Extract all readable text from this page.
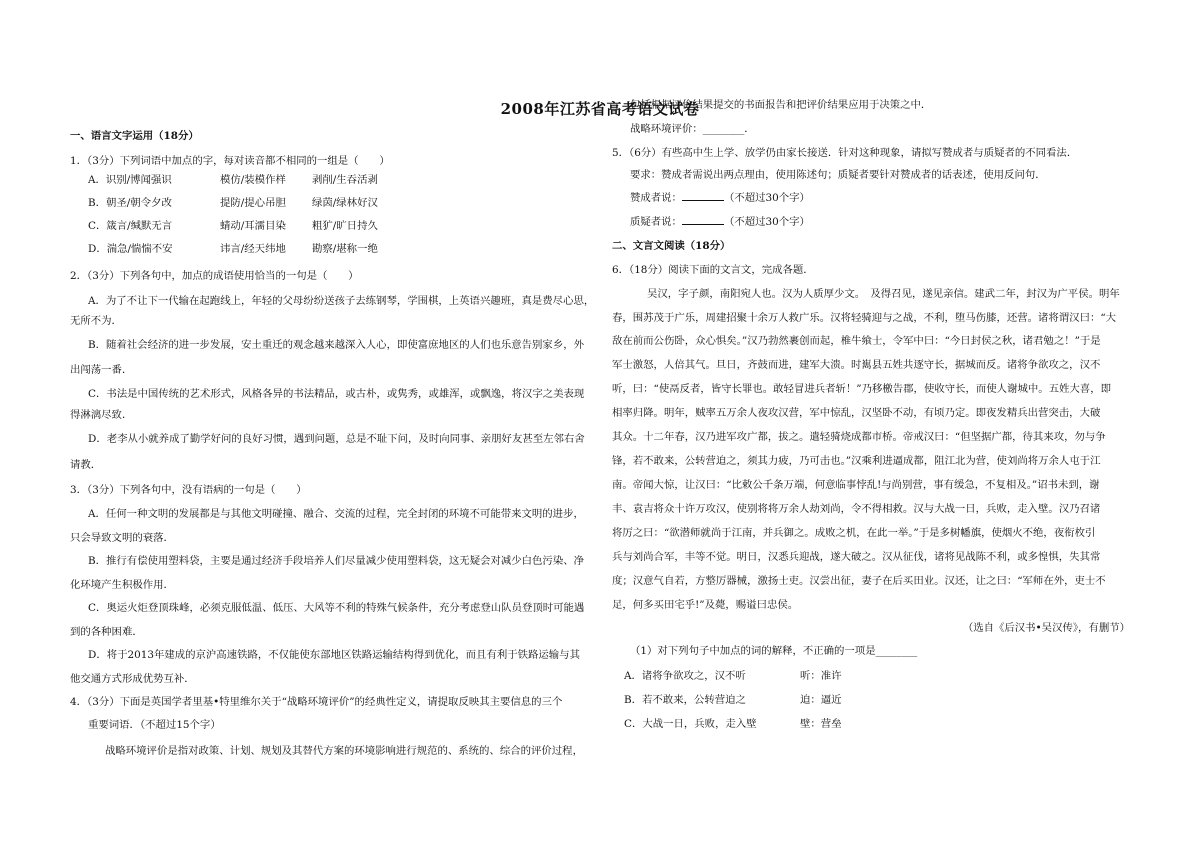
2008年江苏省高考语文试卷
一、语言文字运用（18分）
1．（3分）下列词语中加点的字，每对读音都不相同的一组是（　　）
A．识别/博闻强识	模仿/装模作样	剥削/生吞活剥
B．朝圣/朝令夕改	提防/提心吊胆	绿茵/绿林好汉
C．箴言/缄默无言	蜻动/耳濡目染	粗犷/旷日持久
D．湍急/惴惴不安	讳言/经天纬地	勘察/堪称一绝
2．（3分）下列各句中，加点的成语使用恰当的一句是（　　）
A．为了不让下一代输在起跑线上，年轻的父母纷纷送孩子去练钢琴，学围棋，上英语兴趣班，真是费尽心思，
无所不为．
B．随着社会经济的进一步发展，安土重迁的观念越来越深入人心，即使富庶地区的人们也乐意告别家乡，外
出闯荡一番．
C．书法是中国传统的艺术形式，风格各异的书法精品，或古朴，或隽秀，或雄浑，或飘逸，将汉字之美表现
得淋漓尽致．
D．老李从小就养成了勤学好问的良好习惯，遇到问题，总是不耻下问，及时向同事、亲朋好友甚至左邻右舍
请教．
3．（3分）下列各句中，没有语病的一句是（　　）
A．任何一种文明的发展都是与其他文明碰撞、融合、交流的过程，完全封闭的环境不可能带来文明的进步，
只会导致文明的衰落．
B．推行有偿使用塑料袋，主要是通过经济手段培养人们尽量减少使用塑料袋，这无疑会对减少白色污染、净
化环境产生积极作用．
C．奥运火炬登顶珠峰，必须克服低温、低压、大风等不利的特殊气候条件，充分考虑登山队员登顶时可能遇
到的各种困难．
D．将于2013年建成的京沪高速铁路，不仅能使东部地区铁路运输结构得到优化，而且有利于铁路运输与其
他交通方式形成优势互补．
4．（3分）下面是英国学者里基•特里维尔关于“战略环境评价”的经典性定义，请提取反映其主要信息的三个
重要词语．（不超过15个字）
战略环境评价是指对政策、计划、规划及其替代方案的环境影响进行规范的、系统的、综合的评价过程，
包括根据评价结果提交的书面报告和把评价结果应用于决策之中．
战略环境评价：________．
5．（6分）有些高中生上学、放学仍由家长接送．针对这种现象，请拟写赞成者与质疑者的不同看法．
要求：赞成者需说出两点理由，使用陈述句；质疑者要针对赞成者的话表述，使用反问句．
赞成者说：	（不超过30个字）
质疑者说：	（不超过30个字）
二、文言文阅读（18分）
6．（18分）阅读下面的文言文，完成各题．
吴汉，字子颜，南阳宛人也。汉为人质厚少文。　及得召见，遂见亲信。建武二年，封汉为广平侯。明年
春，围苏茂于广乐，周建招聚十余万人救广乐。汉将轻骑迎与之战，不利，堕马伤膝，还营。诸将谓汉曰：“大
敌在前而公伤卧，众心惧矣。”汉乃勃然裹创而起，椎牛飨士，令军中曰：“今日封侯之秋，诸君勉之！”于是
军士激怒，人倍其气。旦日，齐鼓而进，建军大溃。时嶲县五姓共逐守长，据城而反。诸将争欲攻之，汉不
听，曰：“使鬲反者，皆守长罪也。敢轻冒进兵者斩！”乃移檄告郡，使收守长，而使人谢城中。五姓大喜，即
相率归降。明年，贼率五万余人夜攻汉营，军中惊乱，汉坚卧不动，有顷乃定。即夜发精兵出营突击，大破
其众。十二年春，汉乃进军攻广都，拔之。遣轻骑烧成都市桥。帝戒汉曰：“但坚据广都，待其来攻，勿与争
锋，若不敢来，公转营迫之，须其力疲，乃可击也。”汉乘利进逼成都，阻江北为营，使刘尚将万余人屯于江
南。帝闻大惊，让汉曰：“比敕公千条万端，何意临事悖乱!与尚别营，事有缓急，不复相及。”诏书未到，谢
丰、袁吉将众十许万攻汉，使别将将万余人劫刘尚，令不得相救。汉与大战一日，兵败，走入壁。汉乃召诸
将厉之曰：“欲潜师就尚于江南，并兵御之。成败之机，在此一举。”于是多树幡旗，使烟火不绝，夜衔枚引
兵与刘尚合军，丰等不觉。明日，汉悉兵迎战，遂大破之。汉从征伐，诸将见战陈不利，或多惶惧，失其常
度；汉意气自若，方整厉器械，激扬士吏。汉尝出征，妻子在后买田业。汉还，让之曰：“军师在外，吏士不
足，何多买田宅乎!”及薨，赐谥曰忠侯。
（选自《后汉书•吴汉传》，有删节）
（1）对下列句子中加点的词的解释，不正确的一项是________
A．诸将争欲攻之，汉不听	听：准许
B．若不敢来，公转营迫之	迫：逼近
C．大战一日，兵败，走入壁	壁：营垒
